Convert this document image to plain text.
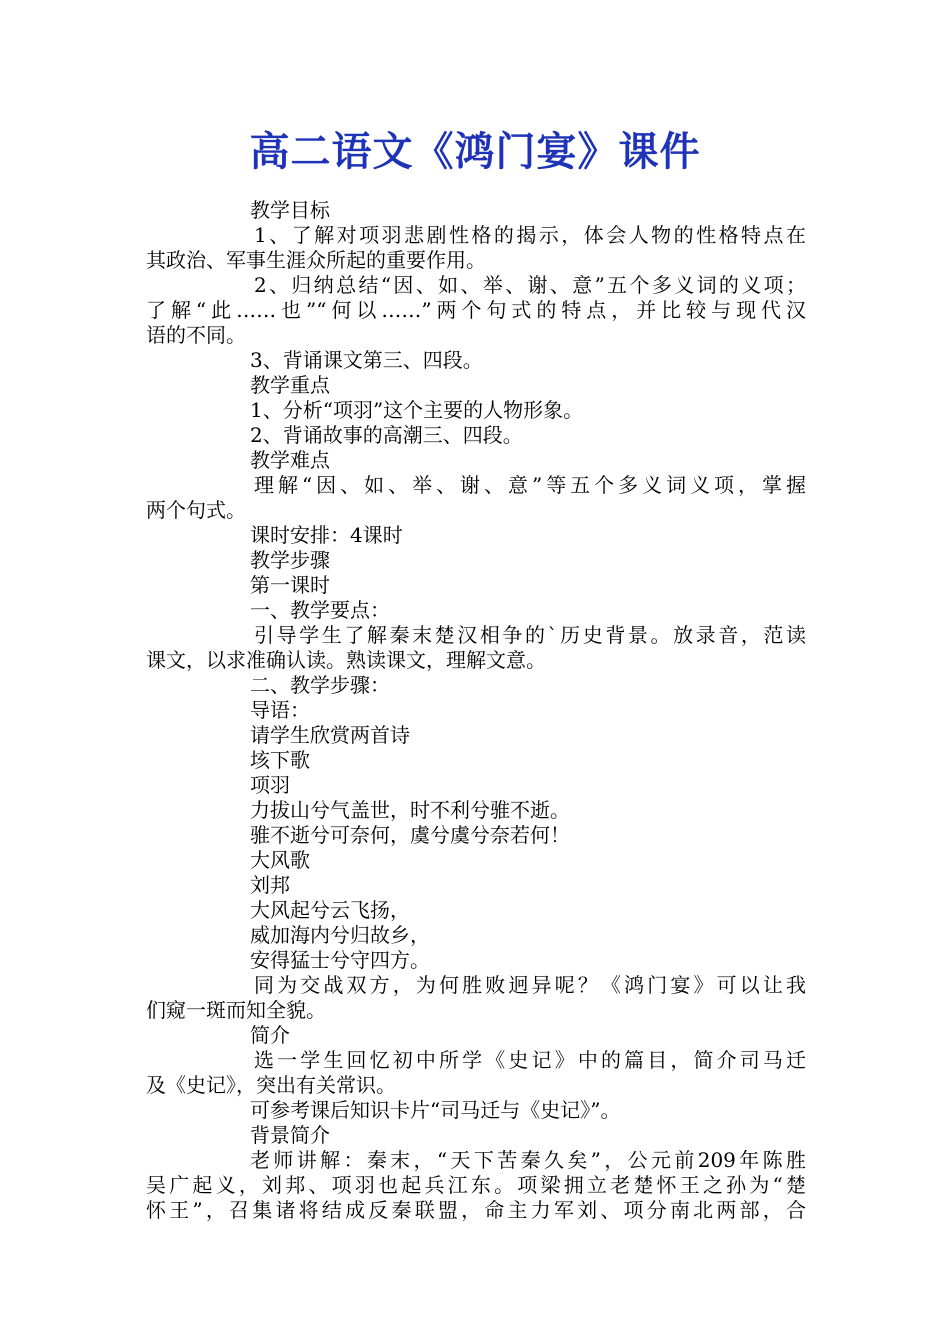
高二语文《鸿门宴》课件
教学目标
1、了解对项羽悲剧性格的揭示，体会人物的性格特点在
其政治、军事生涯众所起的重要作用。
2、归纳总结“因、如、举、谢、意”五个多义词的义项；
了解“此……也”“何以……”两个句式的特点，并比较与现代汉
语的不同。
3、背诵课文第三、四段。
教学重点
1、分析“项羽”这个主要的人物形象。
2、背诵故事的高潮三、四段。
教学难点
理解“因、如、举、谢、意”等五个多义词义项，掌握
两个句式。
课时安排：4课时
教学步骤
第一课时
一、教学要点：
引导学生了解秦末楚汉相争的`历史背景。放录音，范读
课文，以求准确认读。熟读课文，理解文意。
二、教学步骤：
导语：
请学生欣赏两首诗
垓下歌
项羽
力拔山兮气盖世，时不利兮骓不逝。
骓不逝兮可奈何，虞兮虞兮奈若何！
大风歌
刘邦
大风起兮云飞扬，
威加海内兮归故乡，
安得猛士兮守四方。
同为交战双方，为何胜败迥异呢？《鸿门宴》可以让我
们窥一斑而知全貌。
简介
选一学生回忆初中所学《史记》中的篇目，简介司马迁
及《史记》，突出有关常识。
可参考课后知识卡片“司马迁与《史记》”。
背景简介
老师讲解：秦末，“天下苦秦久矣”，公元前209年陈胜
吴广起义，刘邦、项羽也起兵江东。项梁拥立老楚怀王之孙为“楚
怀王”，召集诸将结成反秦联盟，命主力军刘、项分南北两部，合
